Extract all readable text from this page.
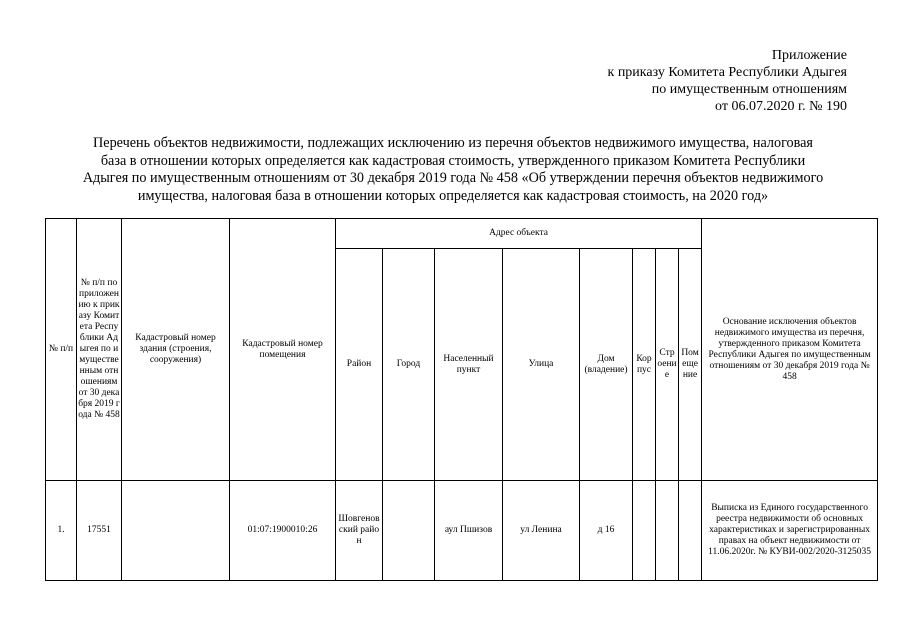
Приложение
к приказу Комитета Республики Адыгея
по имущественным отношениям
от 06.07.2020 г. № 190
Перечень объектов недвижимости, подлежащих исключению из перечня объектов недвижимого имущества, налоговая
база в отношении которых определяется как кадастровая стоимость, утвержденного приказом Комитета Республики
Адыгея по имущественным отношениям от 30 декабря 2019 года № 458 «Об утверждении перечня объектов недвижимого
имущества, налоговая база в отношении которых определяется как кадастровая стоимость, на 2020 год»
№ п/п	№ п/п по приложению к приказу Комитета Республики Адыгея по имущественным отношениям от 30 декабря 2019 года № 458	Кадастровый номер здания (строения, сооружения)	Кадастровый номер помещения	Адрес объекта								Основание исключения объектов недвижимого имущества из перечня, утвержденного приказом Комитета Республики Адыгея по имущественным отношениям от 30 декабря 2019 года № 458
				Район	Город	Населенный пункт	Улица	Дом (владение)	Корпус	Строение	Помещение	
1.	17551		01:07:1900010:26	Шовгеновский район		аул Пшизов	ул Ленина	д 16				Выписка из Единого государственного реестра недвижимости об основных характеристиках и зарегистрированных правах на объект недвижимости от 11.06.2020г. № КУВИ-002/2020-3125035
